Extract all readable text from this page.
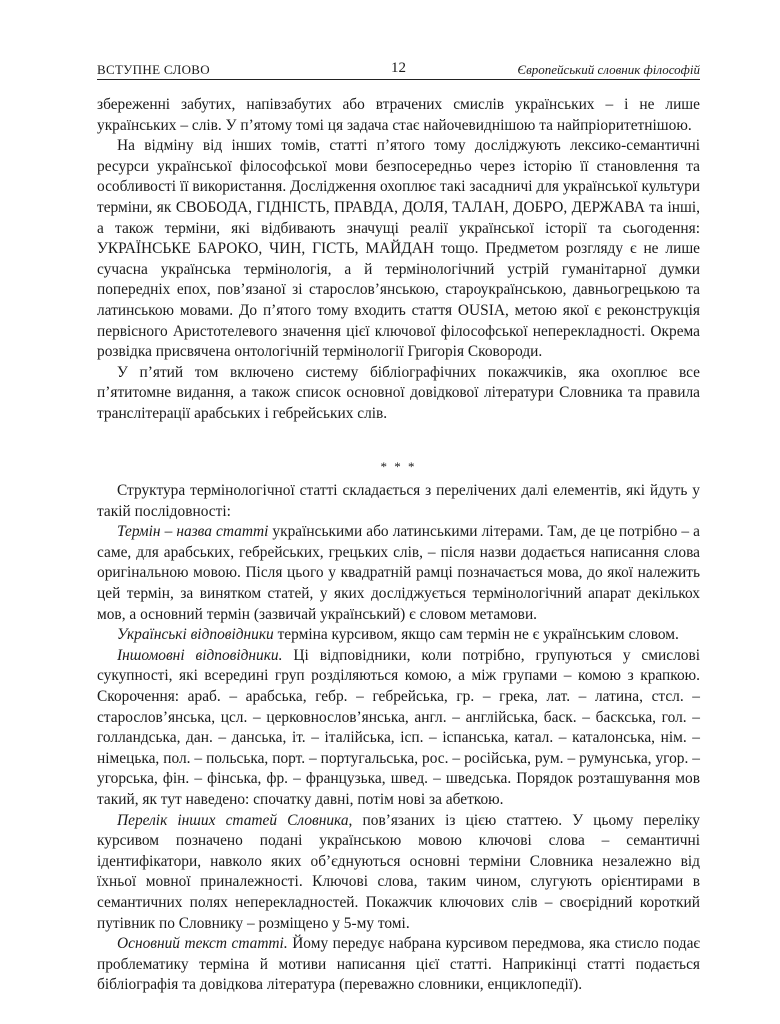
ВСТУПНЕ СЛОВО	12	Європейський словник філософій

збереженні забутих, напівзабутих або втрачених смислів українських – і не лише українських – слів. У п’ятому томі ця задача стає найочевиднішою та найпріоритетнішою.

На відміну від інших томів, статті п’ятого тому досліджують лексико-семантичні ресурси української філософської мови безпосередньо через історію її становлення та особливості її використання. Дослідження охоплює такі засадничі для української культури терміни, як СВОБОДА, ГІДНІСТЬ, ПРАВДА, ДОЛЯ, ТАЛАН, ДОБРО, ДЕРЖАВА та інші, а також терміни, які відбивають значущі реалії української історії та сьогодення: УКРАЇНСЬКЕ БАРОКО, ЧИН, ГІСТЬ, МАЙДАН тощо. Предметом розгляду є не лише сучасна українська термінологія, а й термінологічний устрій гуманітарної думки попередніх епох, пов’язаної зі старослов’янською, староукраїнською, давньогрецькою та латинською мовами. До п’ятого тому входить стаття OUSIA, метою якої є реконструкція первісного Аристотелевого значення цієї ключової філософської неперекладності. Окрема розвідка присвячена онтологічній термінології Григорія Сковороди.

У п’ятий том включено систему бібліографічних покажчиків, яка охоплює все п’ятитомне видання, а також список основної довідкової літератури Словника та правила транслітерації арабських і гебрейських слів.

* * *

Структура термінологічної статті складається з перелічених далі елементів, які йдуть у такій послідовності:

Термін – назва статті українськими або латинськими літерами. Там, де це потрібно – а саме, для арабських, гебрейських, грецьких слів, – після назви додається написання слова оригінальною мовою. Після цього у квадратній рамці позначається мова, до якої належить цей термін, за винятком статей, у яких досліджується термінологічний апарат декількох мов, а основний термін (зазвичай український) є словом метамови.

Українські відповідники терміна курсивом, якщо сам термін не є українським словом.

Іншомовні відповідники. Ці відповідники, коли потрібно, групуються у смислові сукупності, які всередині груп розділяються комою, а між групами – комою з крапкою. Скорочення: араб. – арабська, гебр. – гебрейська, гр. – грека, лат. – латина, стсл. – старослов’янська, цсл. – церковнослов’янська, англ. – англійська, баск. – баскська, гол. – голландська, дан. – данська, іт. – італійська, ісп. – іспанська, катал. – каталонська, нім. – німецька, пол. – польська, порт. – португальська, рос. – російська, рум. – румунська, угор. – угорська, фін. – фінська, фр. – французька, швед. – шведська. Порядок розташування мов такий, як тут наведено: спочатку давні, потім нові за абеткою.

Перелік інших статей Словника, пов’язаних із цією статтею. У цьому переліку курсивом позначено подані українською мовою ключові слова – семантичні ідентифікатори, навколо яких об’єднуються основні терміни Словника незалежно від їхньої мовної приналежності. Ключові слова, таким чином, слугують орієнтирами в семантичних полях неперекладностей. Покажчик ключових слів – своєрідний короткий путівник по Словнику – розміщено у 5-му томі.

Основний текст статті. Йому передує набрана курсивом передмова, яка стисло подає проблематику терміна й мотиви написання цієї статті. Наприкінці статті подається бібліографія та довідкова література (переважно словники, енциклопедії).
